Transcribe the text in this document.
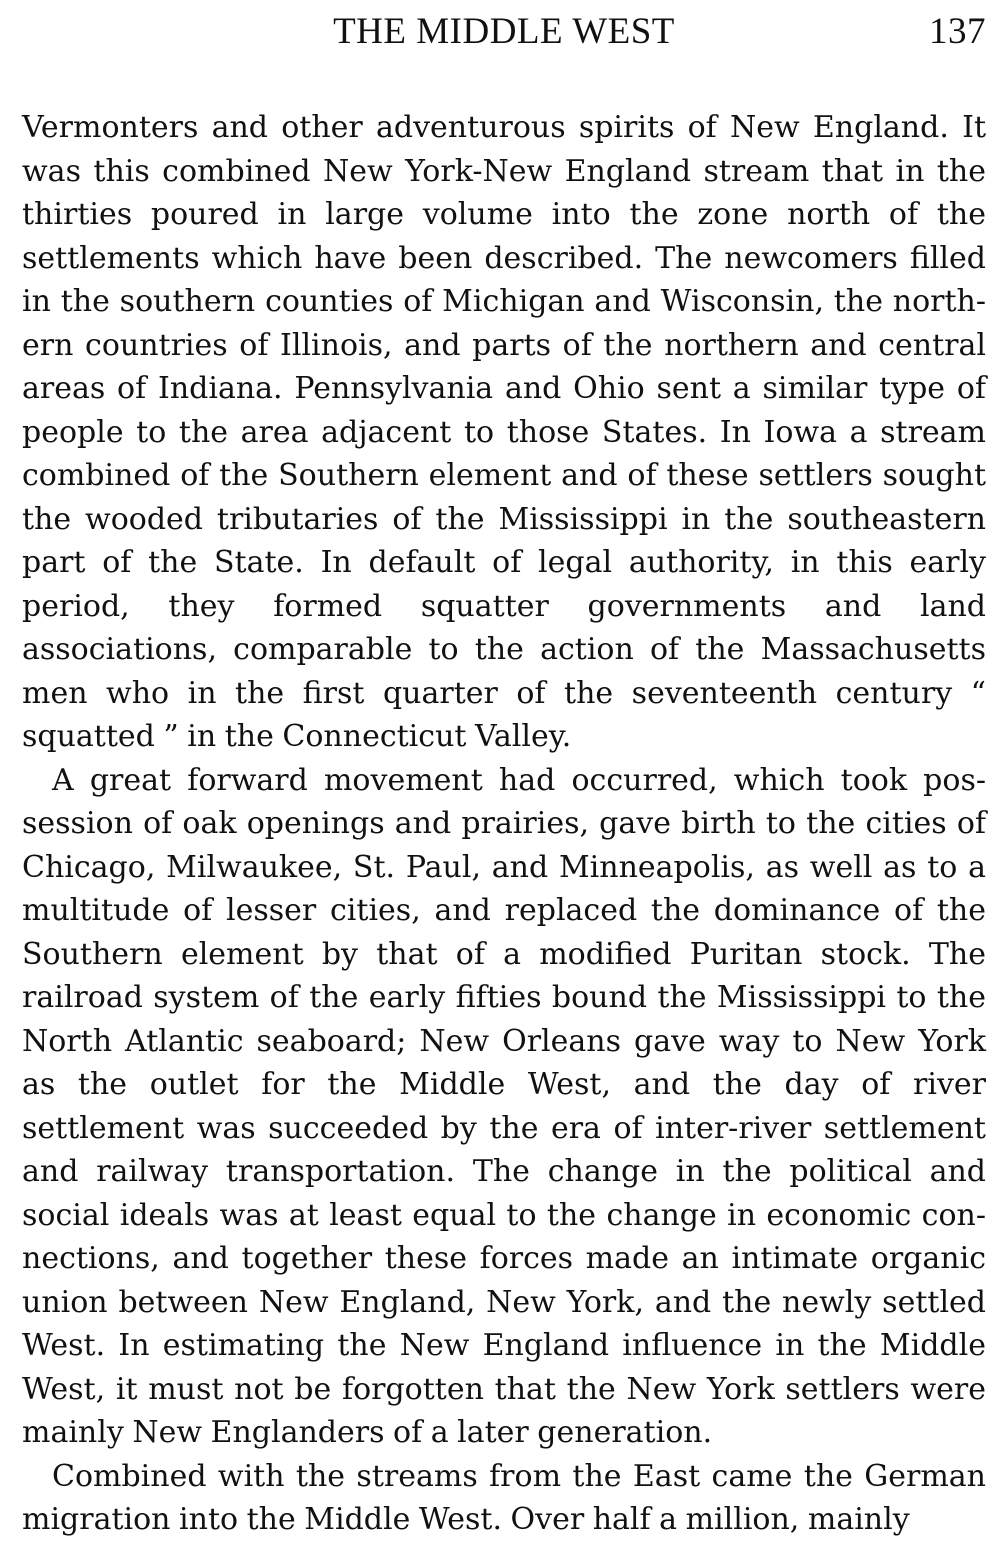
THE MIDDLE WEST	137

Vermonters and other adventurous spirits of New England. It was this combined New York-New England stream that in the thirties poured in large volume into the zone north of the settlements which have been described. The newcomers filled in the southern counties of Michigan and Wisconsin, the northern countries of Illinois, and parts of the northern and central areas of Indiana. Pennsylvania and Ohio sent a similar type of people to the area adjacent to those States. In Iowa a stream combined of the Southern element and of these settlers sought the wooded tributaries of the Mississippi in the southeastern part of the State. In default of legal authority, in this early period, they formed squatter governments and land associations, comparable to the action of the Massachusetts men who in the first quarter of the seventeenth century “ squatted ” in the Connecticut Valley.

A great forward movement had occurred, which took possession of oak openings and prairies, gave birth to the cities of Chicago, Milwaukee, St. Paul, and Minneapolis, as well as to a multitude of lesser cities, and replaced the dominance of the Southern element by that of a modified Puritan stock. The railroad system of the early fifties bound the Mississippi to the North Atlantic seaboard; New Orleans gave way to New York as the outlet for the Middle West, and the day of river settlement was succeeded by the era of inter-river settlement and railway transportation. The change in the political and social ideals was at least equal to the change in economic connections, and together these forces made an intimate organic union between New England, New York, and the newly settled West. In estimating the New England influence in the Middle West, it must not be forgotten that the New York settlers were mainly New Englanders of a later generation.

Combined with the streams from the East came the German migration into the Middle West. Over half a million, mainly
